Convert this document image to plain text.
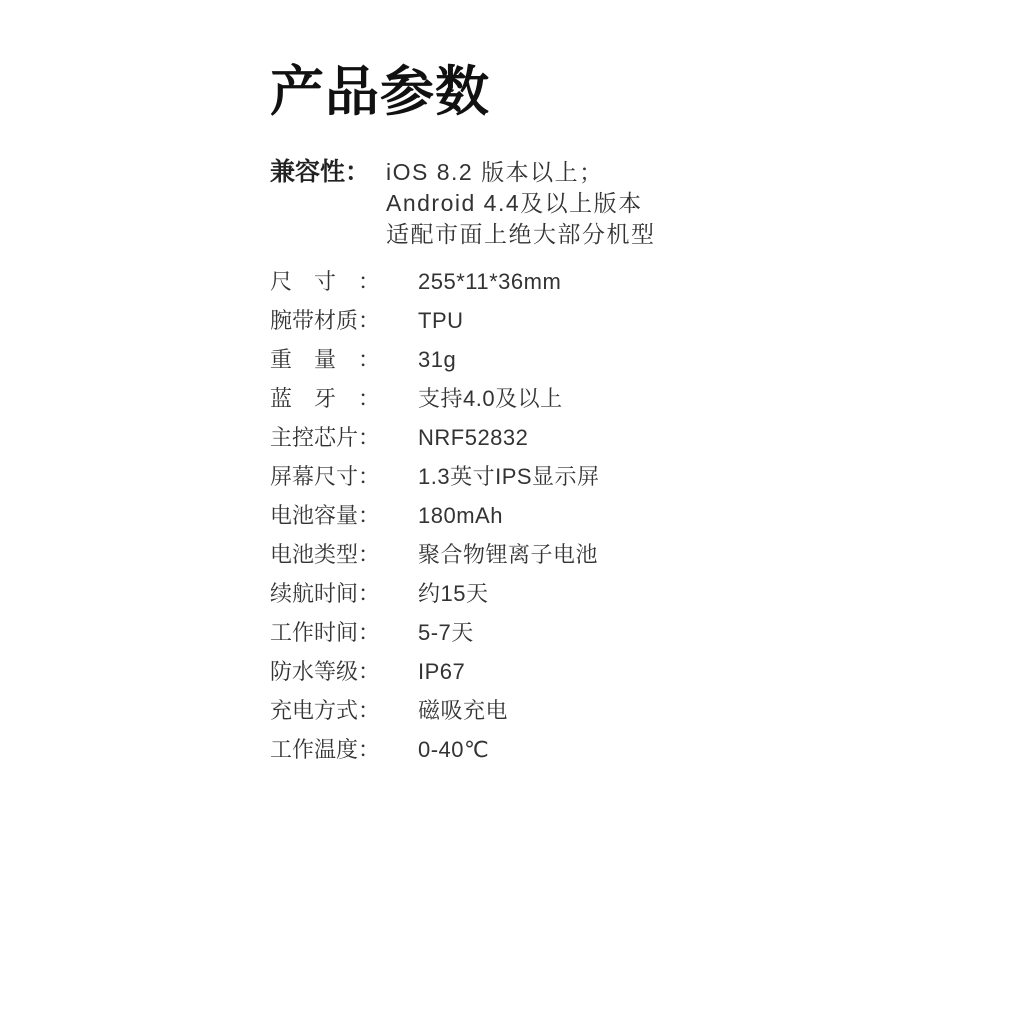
产品参数
兼容性： iOS 8.2 版本以上；
Android 4.4及以上版本
适配市面上绝大部分机型
尺　寸　： 255*11*36mm
腕带材质： TPU
重　量　： 31g
蓝　牙　： 支持4.0及以上
主控芯片： NRF52832
屏幕尺寸： 1.3英寸IPS显示屏
电池容量： 180mAh
电池类型： 聚合物锂离子电池
续航时间： 约15天
工作时间： 5-7天
防水等级： IP67
充电方式： 磁吸充电
工作温度： 0-40℃
